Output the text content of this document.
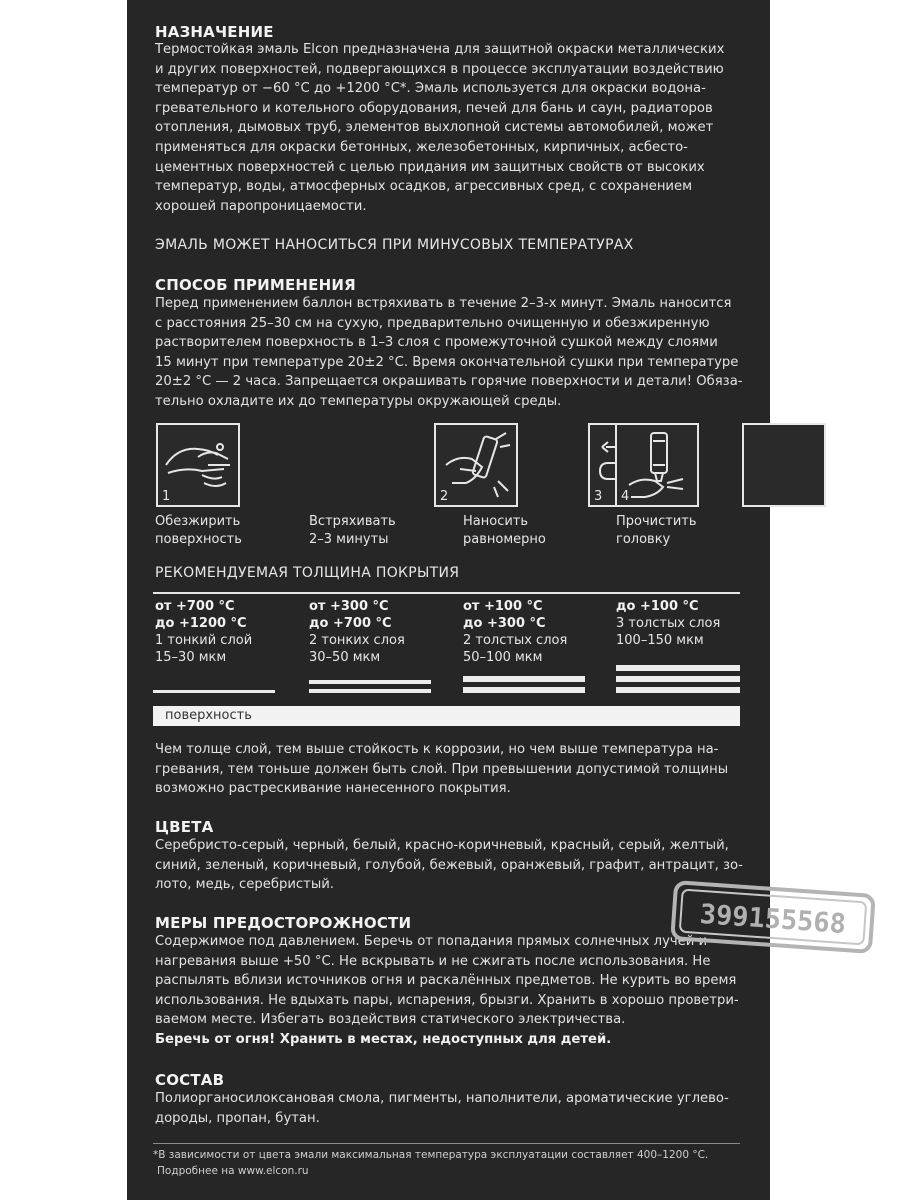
НАЗНАЧЕНИЕ
Термостойкая эмаль Elcon предназначена для защитной окраски металлических
и других поверхностей, подвергающихся в процессе эксплуатации воздействию
температур от −60 °C до +1200 °C*. Эмаль используется для окраски водона-
гревательного и котельного оборудования, печей для бань и саун, радиаторов
отопления, дымовых труб, элементов выхлопной системы автомобилей, может
применяться для окраски бетонных, железобетонных, кирпичных, асбесто-
цементных поверхностей с целью придания им защитных свойств от высоких
температур, воды, атмосферных осадков, агрессивных сред, с сохранением
хорошей паропроницаемости.
ЭМАЛЬ МОЖЕТ НАНОСИТЬСЯ ПРИ МИНУСОВЫХ ТЕМПЕРАТУРАХ
СПОСОБ ПРИМЕНЕНИЯ
Перед применением баллон встряхивать в течение 2–3-х минут. Эмаль наносится
с расстояния 25–30 см на сухую, предварительно очищенную и обезжиренную
растворителем поверхность в 1–3 слоя с промежуточной сушкой между слоями
15 минут при температуре 20±2 °С. Время окончательной сушки при температуре
20±2 °С — 2 часа. Запрещается окрашивать горячие поверхности и детали! Обяза-
тельно охладите их до температуры окружающей среды.
1	2	3
Обезжирить
поверхность
Встряхивать
2–3 минуты
Наносить
равномерно
Прочистить
головку
РЕКОМЕНДУЕМАЯ ТОЛЩИНА ПОКРЫТИЯ
от +700 °С
до +1200 °С
1 тонкий слой
15–30 мкм
от +300 °С
до +700 °С
2 тонких слоя
30–50 мкм
от +100 °С
до +300 °С
2 толстых слоя
50–100 мкм
до +100 °С
3 толстых слоя
100–150 мкм
поверхность
Чем толще слой, тем выше стойкость к коррозии, но чем выше температура на-
гревания, тем тоньше должен быть слой. При превышении допустимой толщины
возможно растрескивание нанесенного покрытия.
ЦВЕТА
Серебристо-серый, черный, белый, красно-коричневый, красный, серый, желтый,
синий, зеленый, коричневый, голубой, бежевый, оранжевый, графит, антрацит, зо-
лото, медь, серебристый.
МЕРЫ ПРЕДОСТОРОЖНОСТИ
Содержимое под давлением. Беречь от попадания прямых солнечных лучей и
нагревания выше +50 °С. Не вскрывать и не сжигать после использования. Не
распылять вблизи источников огня и раскалённых предметов. Не курить во время
использования. Не вдыхать пары, испарения, брызги. Хранить в хорошо проветри-
ваемом месте. Избегать воздействия статического электричества.
Беречь от огня! Хранить в местах, недоступных для детей.
СОСТАВ
Полиорганосилоксановая смола, пигменты, наполнители, ароматические углево-
дороды, пропан, бутан.
*В зависимости от цвета эмали максимальная температура эксплуатации составляет 400–1200 °С.
Подробнее на www.elcon.ru
4
399155568
